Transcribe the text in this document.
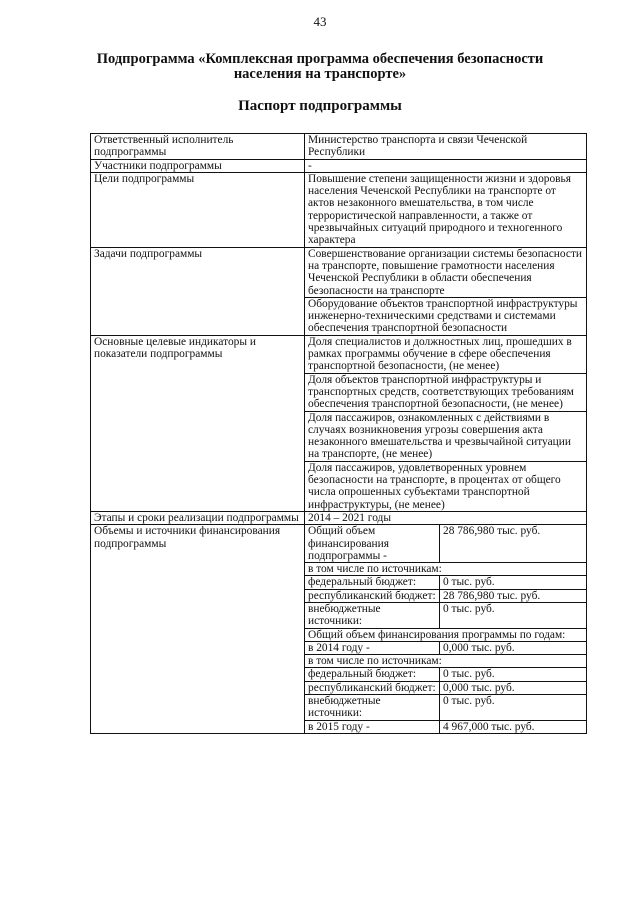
43
Подпрограмма «Комплексная программа обеспечения безопасности населения на транспорте»
Паспорт подпрограммы
Ответственный исполнитель подпрограммы	Министерство транспорта и связи Чеченской Республики
Участники подпрограммы	-
Цели подпрограммы	Повышение степени защищенности жизни и здоровья населения Чеченской Республики на транспорте от актов незаконного вмешательства, в том числе террористической направленности, а также от чрезвычайных ситуаций природного и техногенного характера
Задачи подпрограммы	Совершенствование организации системы безопасности на транспорте, повышение грамотности населения Чеченской Республики в области обеспечения безопасности на транспорте
Оборудование объектов транспортной инфраструктуры инженерно-техническими средствами и системами обеспечения транспортной безопасности
Основные целевые индикаторы и показатели подпрограммы	Доля специалистов и должностных лиц, прошедших в рамках программы обучение в сфере обеспечения транспортной безопасности, (не менее)
Доля объектов транспортной инфраструктуры и транспортных средств, соответствующих требованиям обеспечения транспортной безопасности, (не менее)
Доля пассажиров, ознакомленных с действиями в случаях возникновения угрозы совершения акта незаконного вмешательства и чрезвычайной ситуации на транспорте, (не менее)
Доля пассажиров, удовлетворенных уровнем безопасности на транспорте, в процентах от общего числа опрошенных субъектами транспортной инфраструктуры, (не менее)
Этапы и сроки реализации подпрограммы	2014 – 2021 годы
Объемы и источники финансирования подпрограммы	
Общий объем финансирования подпрограммы -	28 786,980 тыс. руб.
в том числе по источникам:
федеральный бюджет:	0 тыс. руб.
республиканский бюджет:	28 786,980 тыс. руб.
внебюджетные источники:	0 тыс. руб.
Общий объем финансирования программы по годам:
в 2014 году -	0,000 тыс. руб.
в том числе по источникам:
федеральный бюджет:	0 тыс. руб.
республиканский бюджет:	0,000 тыс. руб.
внебюджетные источники:	0 тыс. руб.
в 2015 году -	4 967,000 тыс. руб.
